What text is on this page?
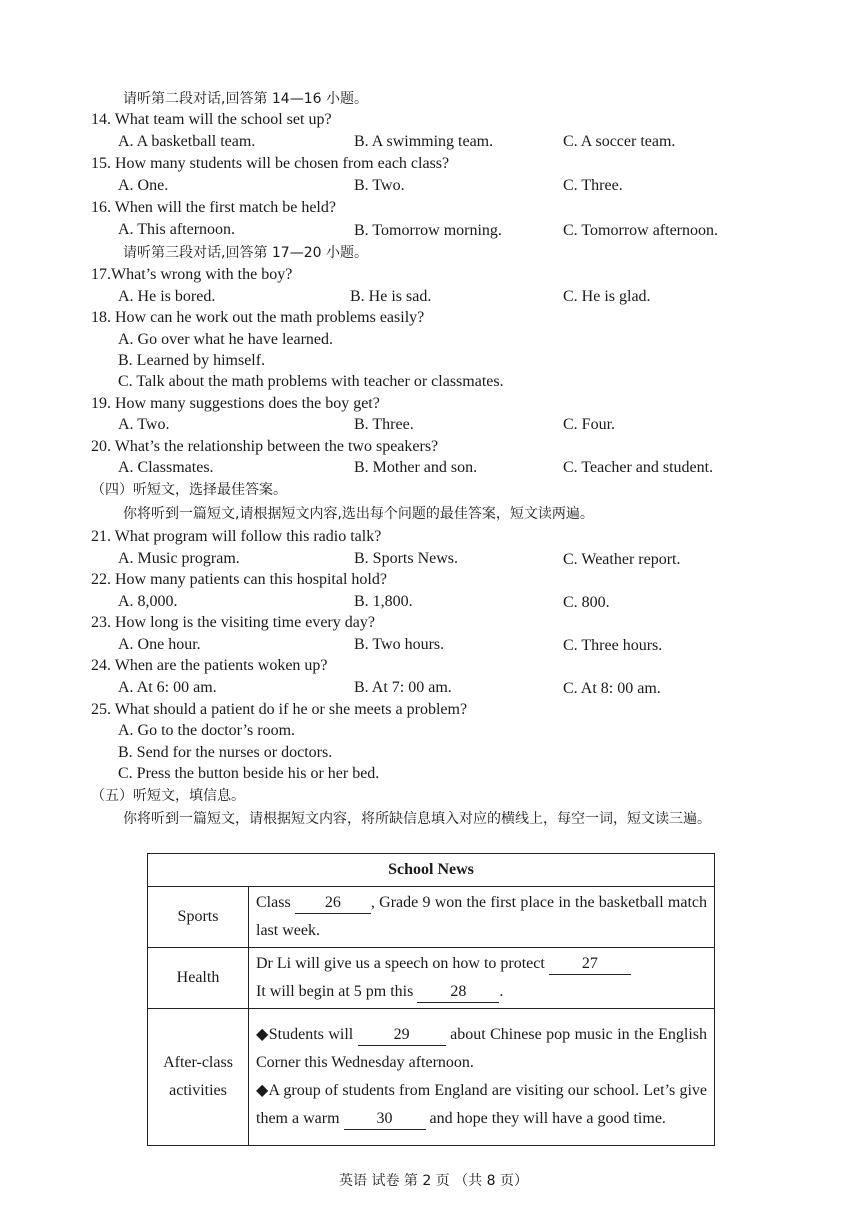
请听第二段对话,回答第 14—16 小题。
14. What team will the school set up?
A. A basketball team.	B. A swimming team.	C. A soccer team.
15. How many students will be chosen from each class?
A. One.	B. Two.	C. Three.
16. When will the first match be held?
A. This afternoon.	B. Tomorrow morning.	C. Tomorrow afternoon.
请听第三段对话,回答第 17—20 小题。
17.What’s wrong with the boy?
A. He is bored.	B. He is sad.	C. He is glad.
18. How can he work out the math problems easily?
A. Go over what he have learned.
B. Learned by himself.
C. Talk about the math problems with teacher or classmates.
19. How many suggestions does the boy get?
A. Two.	B. Three.	C. Four.
20. What’s the relationship between the two speakers?
A. Classmates.	B. Mother and son.	C. Teacher and student.
（四）听短文，选择最佳答案。
你将听到一篇短文,请根据短文内容,选出每个问题的最佳答案，短文读两遍。
21. What program will follow this radio talk?
A. Music program.	B. Sports News.	C. Weather report.
22. How many patients can this hospital hold?
A. 8,000.	B. 1,800.	C. 800.
23. How long is the visiting time every day?
A. One hour.	B. Two hours.	C. Three hours.
24. When are the patients woken up?
A. At 6: 00 am.	B. At 7: 00 am.	C. At 8: 00 am.
25. What should a patient do if he or she meets a problem?
A. Go to the doctor’s room.
B. Send for the nurses or doctors.
C. Press the button beside his or her bed.
（五）听短文，填信息。
你将听到一篇短文，请根据短文内容，将所缺信息填入对应的横线上，每空一词，短文读三遍。
School News	
Sports	Class 26 , Grade 9 won the first place in the basketball match last week.
Health	Dr Li will give us a speech on how to protect 27
It will begin at 5 pm this 28 .
After-class
activities	◆Students will 29 about Chinese pop music in the English Corner this Wednesday afternoon.
◆A group of students from England are visiting our school. Let’s give them a warm 30 and hope they will have a good time.
英语 试卷 第 2 页 （共 8 页）
